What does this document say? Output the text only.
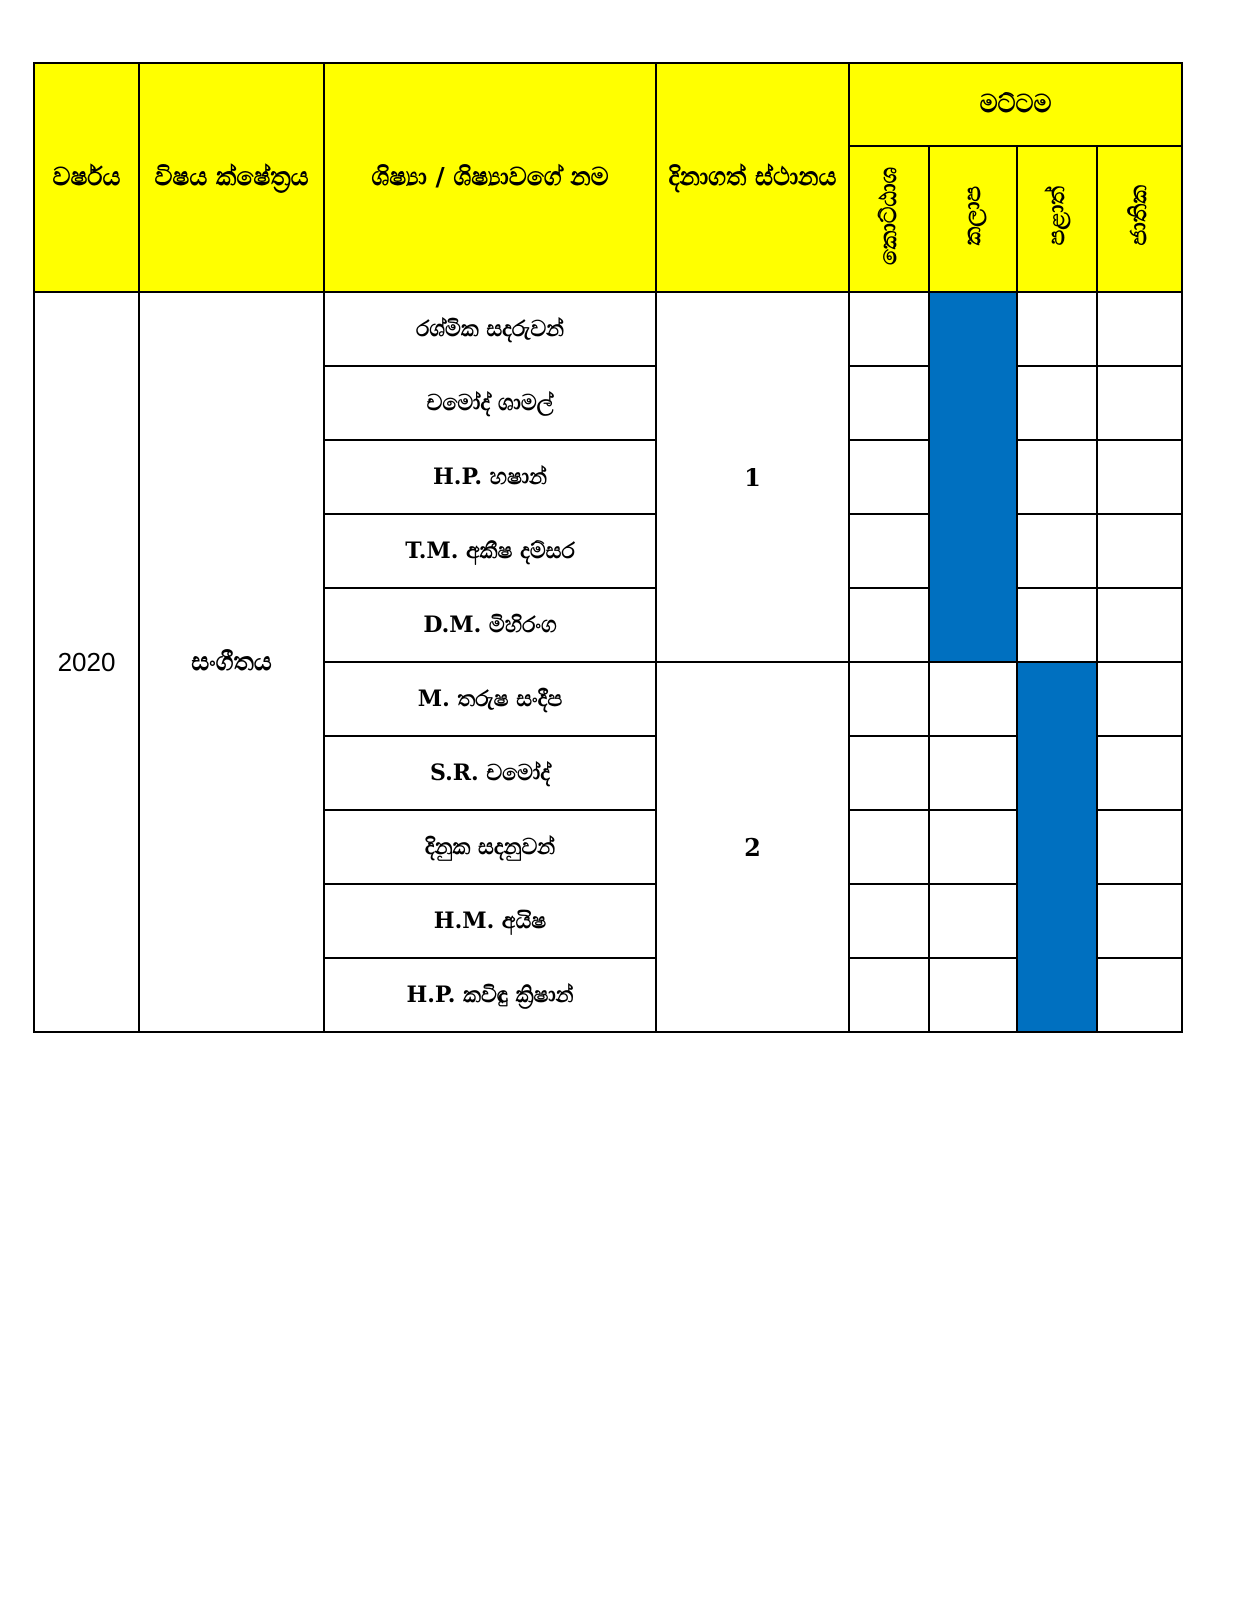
වර්ෂය	විෂය ක්ෂේත්‍රය	ශිෂ්‍යා / ශිෂ්‍යාවගේ නම	දිනාගත් ස්ථානය	මට්ටම			
				කොට්ඨාශ	කලාප	පළාත්	ජාතික
2020	සංගීතය	රශ්මික සදරුවන්	1				
		චමෝද් ශාමල්					
		H.P. හෂාන්					
		T.M. අකීෂ දම්සර					
		D.M. මිහිරංග					
		M. තරුෂ සංදීප	2				
		S.R. චමෝද්					
		දිනුක සදනුවන්					
		H.M. අයිෂ					
		H.P. කවිඳු ක්‍රිෂාන්					
